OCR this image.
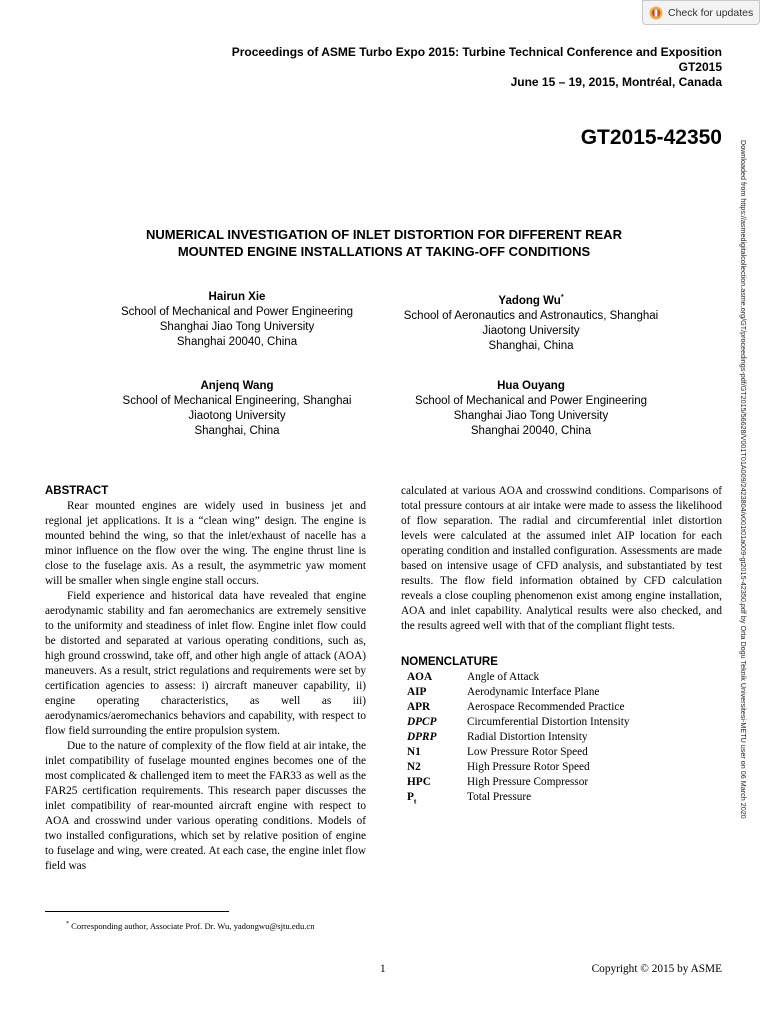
Check for updates
Proceedings of ASME Turbo Expo 2015: Turbine Technical Conference and Exposition
GT2015
June 15 – 19, 2015, Montréal, Canada
GT2015-42350
NUMERICAL INVESTIGATION OF INLET DISTORTION FOR DIFFERENT REAR
MOUNTED ENGINE INSTALLATIONS AT TAKING-OFF CONDITIONS
Hairun Xie
School of Mechanical and Power Engineering
Shanghai Jiao Tong University
Shanghai 20040, China
Yadong Wu*
School of Aeronautics and Astronautics, Shanghai
Jiaotong University
Shanghai, China
Anjenq Wang
School of Mechanical Engineering, Shanghai
Jiaotong University
Shanghai, China
Hua Ouyang
School of Mechanical and Power Engineering
Shanghai Jiao Tong University
Shanghai 20040, China	Downloaded from https://asmedigitalcollection.asme.org/GT/proceedings-pdf/GT2015/56628/V001T01A009/2423804/v001t01a009-gt2015-42350.pdf by Orta Dogu Teknik Universitesi-METU user on 06 March 2020

ABSTRACT

Rear mounted engines are widely used in business jet and regional jet applications. It is a “clean wing” design. The engine is mounted behind the wing, so that the inlet/exhaust of nacelle has a minor influence on the flow over the wing. The engine thrust line is close to the fuselage axis. As a result, the asymmetric yaw moment will be smaller when single engine stall occurs.

Field experience and historical data have revealed that engine aerodynamic stability and fan aeromechanics are extremely sensitive to the uniformity and steadiness of inlet flow. Engine inlet flow could be distorted and separated at various operating conditions, such as, high ground crosswind, take off, and other high angle of attack (AOA) maneuvers. As a result, strict regulations and requirements were set by certification agencies to assess: i) aircraft maneuver capability, ii) engine operating characteristics, as well as iii) aerodynamics/aeromechanics behaviors and capability, with respect to flow field surrounding the entire propulsion system.

Due to the nature of complexity of the flow field at air intake, the inlet compatibility of fuselage mounted engines becomes one of the most complicated & challenged item to meet the FAR33 as well as the FAR25 certification requirements. This research paper discusses the inlet compatibility of rear-mounted aircraft engine with respect to AOA and crosswind under various operating conditions. Models of two installed configurations, which set by relative position of engine to fuselage and wing, were created. At each case, the engine inlet flow field was

calculated at various AOA and crosswind conditions. Comparisons of total pressure contours at air intake were made to assess the likelihood of flow separation. The radial and circumferential inlet distortion levels were calculated at the assumed inlet AIP location for each operating condition and installed configuration. Assessments are made based on intensive usage of CFD analysis, and substantiated by test results. The flow field information obtained by CFD calculation reveals a close coupling phenomenon exist among engine installation, AOA and inlet capability. Analytical results were also checked, and the results agreed well with that of the compliant flight tests.

NOMENCLATURE

AOA	Angle of Attack
AIP	Aerodynamic Interface Plane
APR	Aerospace Recommended Practice
DPCP	Circumferential Distortion Intensity
DPRP	Radial Distortion Intensity
N1	Low Pressure Rotor Speed
N2	High Pressure Rotor Speed
HPC	High Pressure Compressor
$P_t$	Total Pressure
* Corresponding author, Associate Prof. Dr. Wu, yadongwu@sjtu.edu.cn
1	Copyright © 2015 by ASME
